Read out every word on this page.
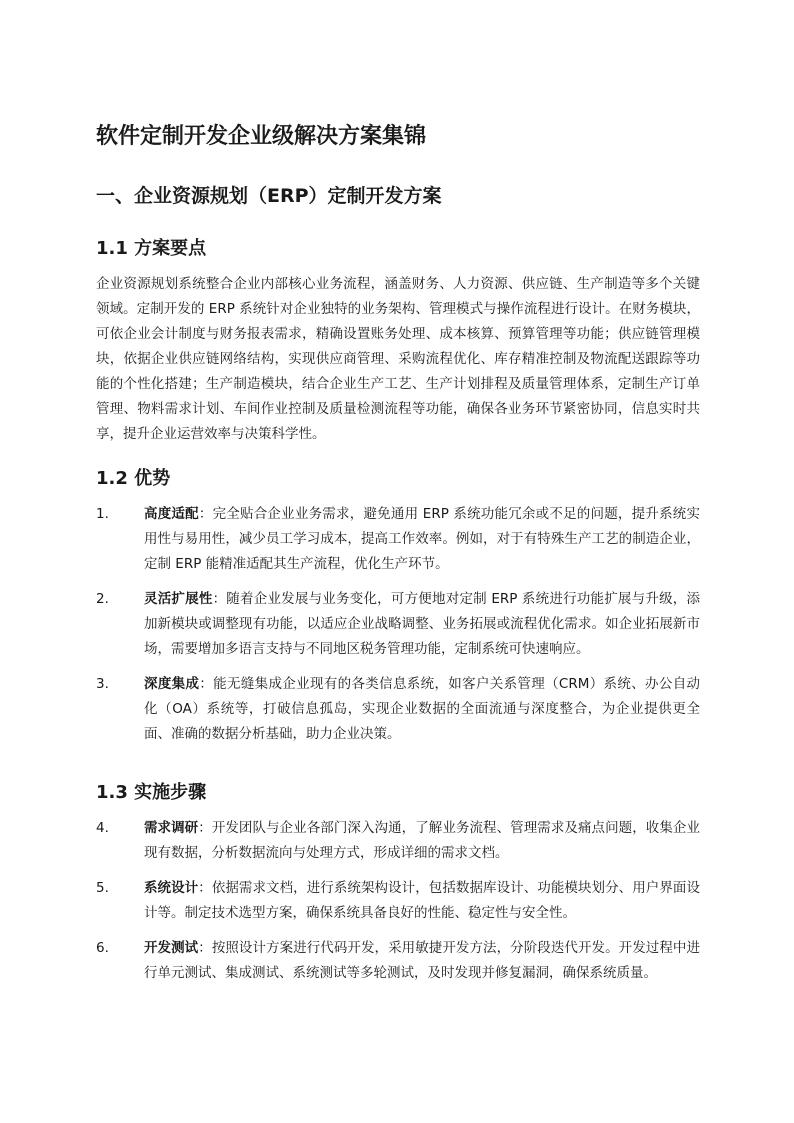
软件定制开发企业级解决方案集锦
一、企业资源规划（ERP）定制开发方案
1.1 方案要点

企业资源规划系统整合企业内部核心业务流程，涵盖财务、人力资源、供应链、生产制造等多个关键领域。定制开发的 ERP 系统针对企业独特的业务架构、管理模式与操作流程进行设计。在财务模块，可依企业会计制度与财务报表需求，精确设置账务处理、成本核算、预算管理等功能；供应链管理模块，依据企业供应链网络结构，实现供应商管理、采购流程优化、库存精准控制及物流配送跟踪等功能的个性化搭建；生产制造模块，结合企业生产工艺、生产计划排程及质量管理体系，定制生产订单管理、物料需求计划、车间作业控制及质量检测流程等功能，确保各业务环节紧密协同，信息实时共享，提升企业运营效率与决策科学性。

1.2 优势
1.	高度适配：完全贴合企业业务需求，避免通用 ERP 系统功能冗余或不足的问题，提升系统实用性与易用性，减少员工学习成本，提高工作效率。例如，对于有特殊生产工艺的制造企业，定制 ERP 能精准适配其生产流程，优化生产环节。
2.	灵活扩展性：随着企业发展与业务变化，可方便地对定制 ERP 系统进行功能扩展与升级，添加新模块或调整现有功能，以适应企业战略调整、业务拓展或流程优化需求。如企业拓展新市场，需要增加多语言支持与不同地区税务管理功能，定制系统可快速响应。
3.	深度集成：能无缝集成企业现有的各类信息系统，如客户关系管理（CRM）系统、办公自动化（OA）系统等，打破信息孤岛，实现企业数据的全面流通与深度整合，为企业提供更全面、准确的数据分析基础，助力企业决策。
1.3 实施步骤
4.	需求调研：开发团队与企业各部门深入沟通，了解业务流程、管理需求及痛点问题，收集企业现有数据，分析数据流向与处理方式，形成详细的需求文档。
5.	系统设计：依据需求文档，进行系统架构设计，包括数据库设计、功能模块划分、用户界面设计等。制定技术选型方案，确保系统具备良好的性能、稳定性与安全性。
6.	开发测试：按照设计方案进行代码开发，采用敏捷开发方法，分阶段迭代开发。开发过程中进行单元测试、集成测试、系统测试等多轮测试，及时发现并修复漏洞，确保系统质量。
